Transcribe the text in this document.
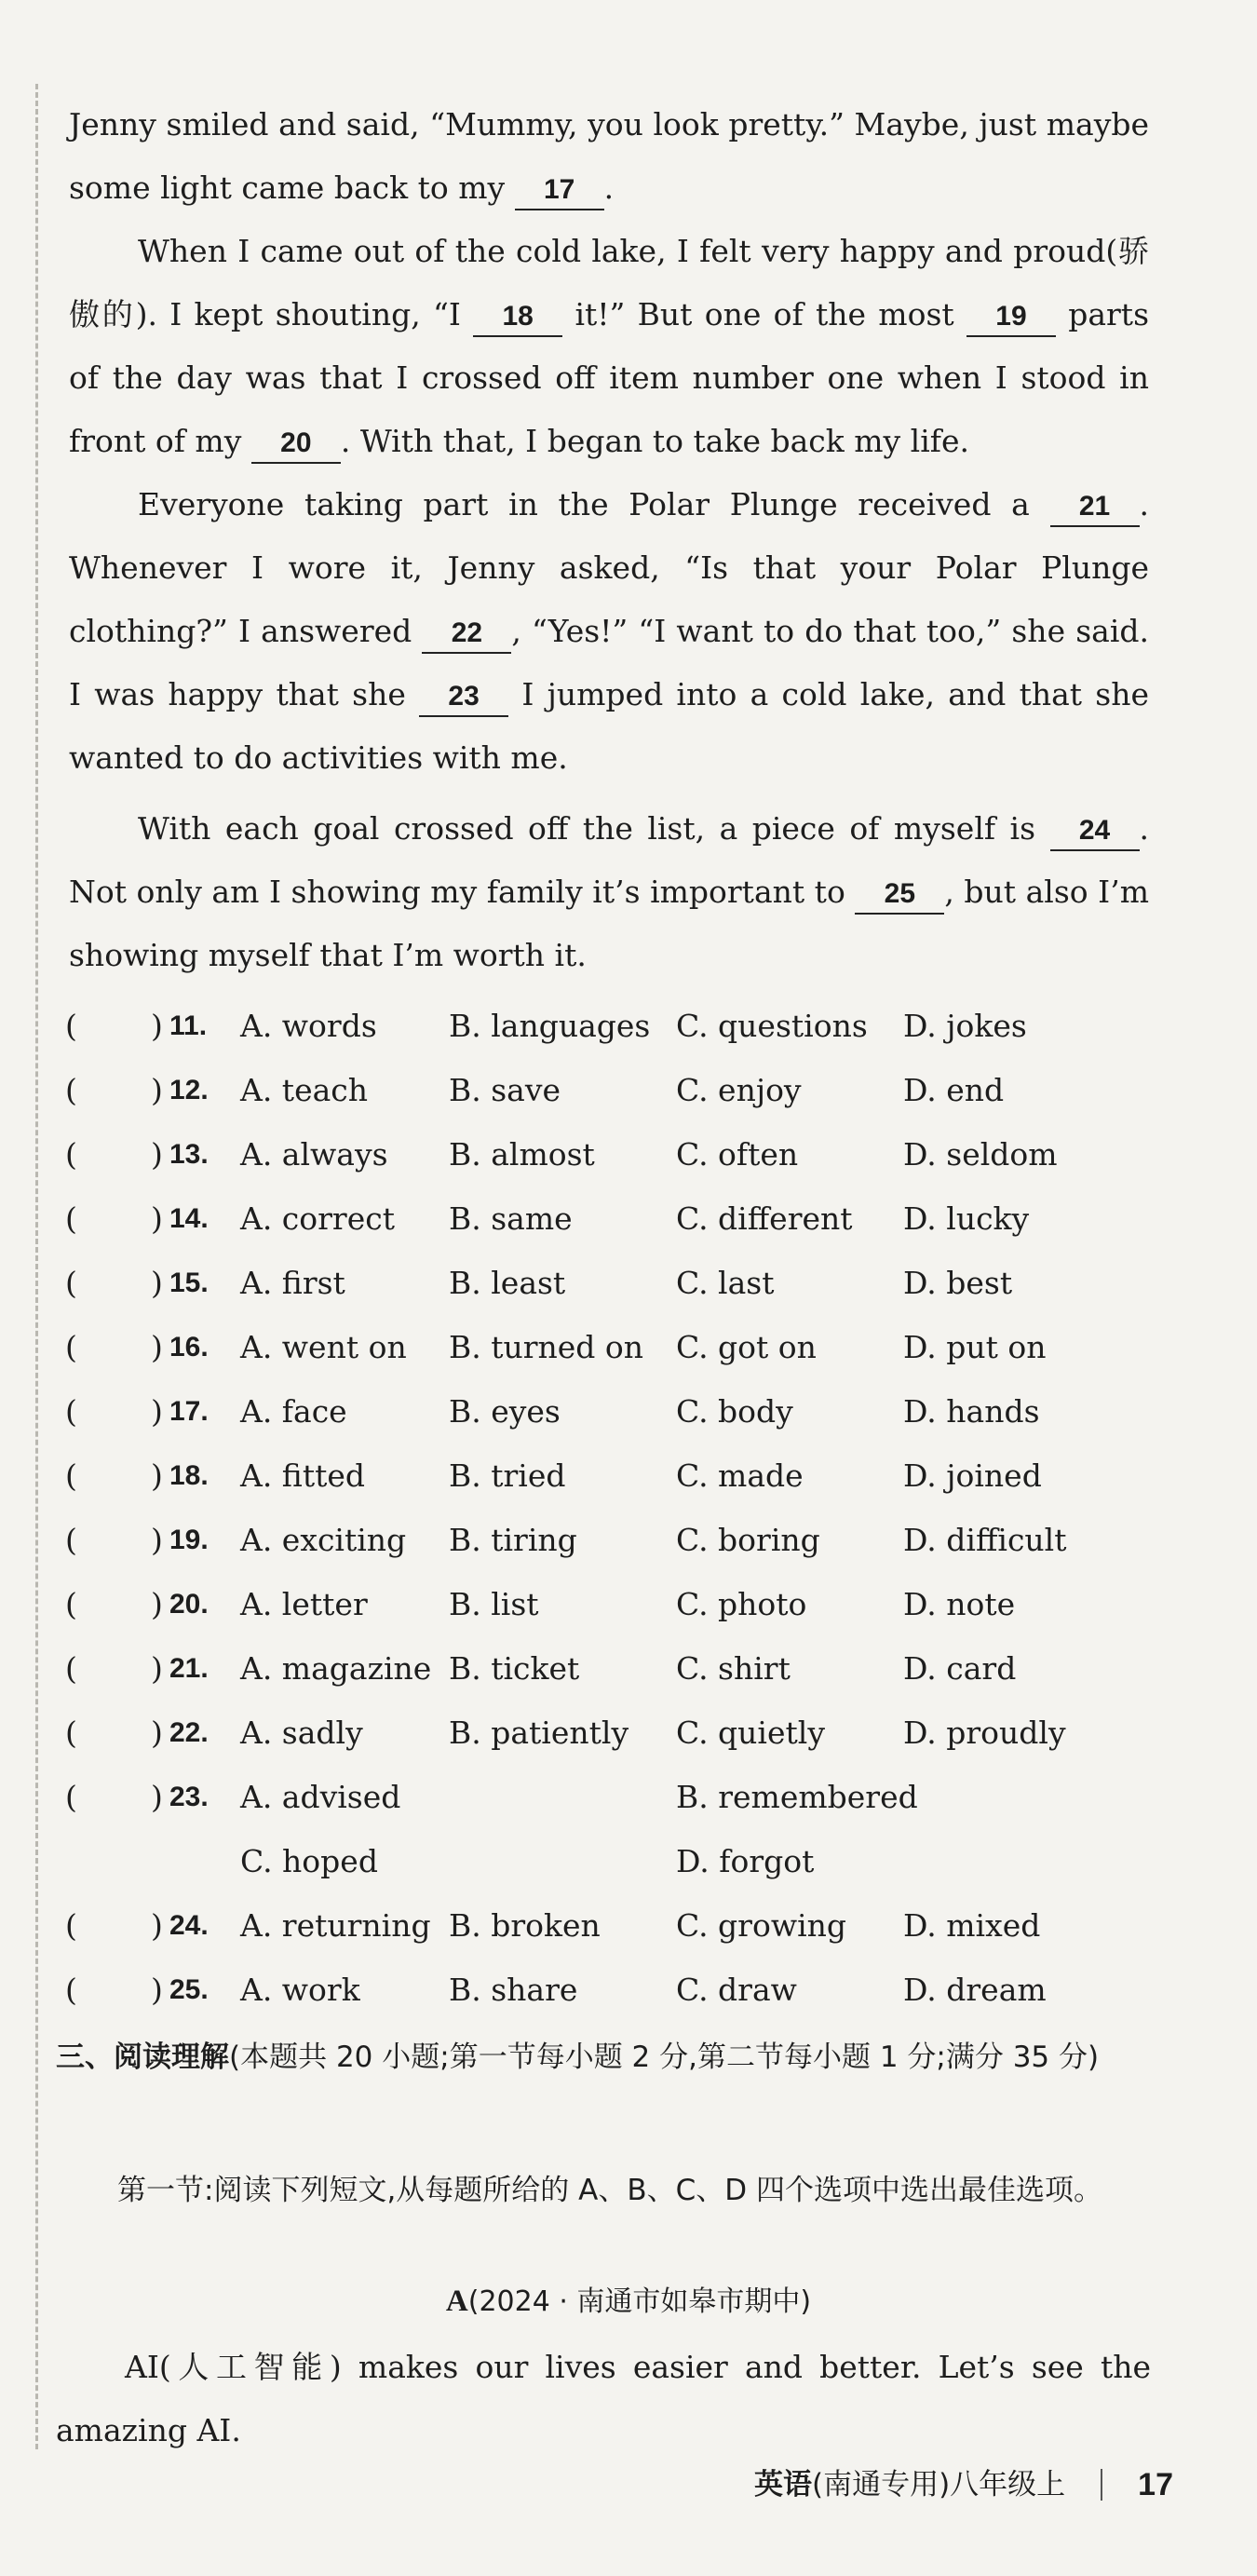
Jenny smiled and said, “Mummy, you look pretty.” Maybe, just maybe some light came back to my 17 .
When I came out of the cold lake, I felt very happy and proud(骄傲的). I kept shouting, “I 18 it!” But one of the most 19 parts of the day was that I crossed off item number one when I stood in front of my 20 . With that, I began to take back my life.
Everyone taking part in the Polar Plunge received a 21 . Whenever I wore it, Jenny asked, “Is that your Polar Plunge clothing?” I answered 22 , “Yes!” “I want to do that too,” she said. I was happy that she 23 I jumped into a cold lake, and that she wanted to do activities with me.
With each goal crossed off the list, a piece of myself is 24 . Not only am I showing my family it’s important to 25 , but also I’m showing myself that I’m worth it.
( ) 11. A. words B. languages C. questions D. jokes
( ) 12. A. teach	B. save	C. enjoy	D. end
( ) 13. A. always B. almost	C. often	D. seldom
( ) 14. A. correct B. same	C. different D. lucky
( ) 15. A. first	B. least	C. last	D. best
( ) 16. A. went on B. turned on C. got on	D. put on
( ) 17. A. face	B. eyes	C. body	D. hands
( ) 18. A. fitted	B. tried	C. made	D. joined
( ) 19. A. exciting B. tiring	C. boring	D. difficult
( ) 20. A. letter	B. list	C. photo	D. note
( ) 21. A. magazine B. ticket	C. shirt	D. card
( ) 22. A. sadly	B. patiently C. quietly	D. proudly
( ) 23. A. advised	B. remembered
C. hoped	D. forgot
( ) 24. A. returning B. broken C. growing D. mixed
( ) 25. A. work	B. share	C. draw	D. dream
三、阅读理解(本题共 20 小题;第一节每小题 2 分,第二节每小题 1 分;满分 35 分)
第一节:阅读下列短文,从每题所给的 A、B、C、D 四个选项中选出最佳选项。
A(2024 · 南通市如皋市期中)
AI(人工智能) makes our lives easier and better. Let’s see the amazing AI.
英语(南通专用)八年级上 17
